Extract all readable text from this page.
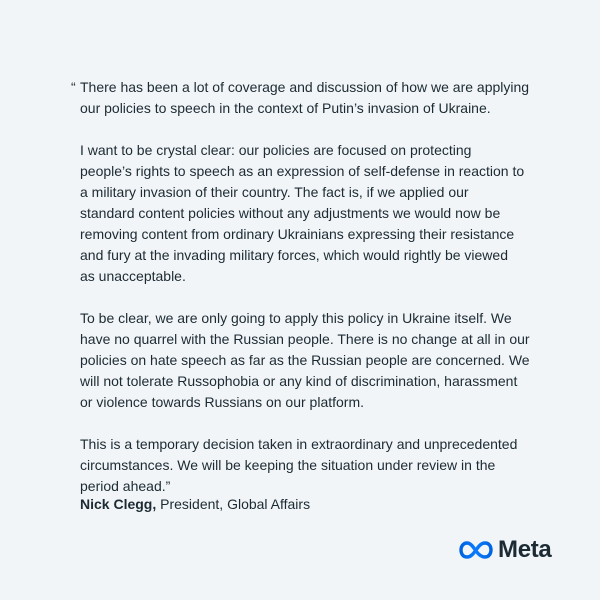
“ There has been a lot of coverage and discussion of how we are applying
our policies to speech in the context of Putin’s invasion of Ukraine.

I want to be crystal clear: our policies are focused on protecting
people’s rights to speech as an expression of self-defense in reaction to
a military invasion of their country. The fact is, if we applied our
standard content policies without any adjustments we would now be
removing content from ordinary Ukrainians expressing their resistance
and fury at the invading military forces, which would rightly be viewed
as unacceptable.

To be clear, we are only going to apply this policy in Ukraine itself. We
have no quarrel with the Russian people. There is no change at all in our
policies on hate speech as far as the Russian people are concerned. We
will not tolerate Russophobia or any kind of discrimination, harassment
or violence towards Russians on our platform.

This is a temporary decision taken in extraordinary and unprecedented
circumstances. We will be keeping the situation under review in the
period ahead.”

Nick Clegg, President, Global Affairs
Meta
